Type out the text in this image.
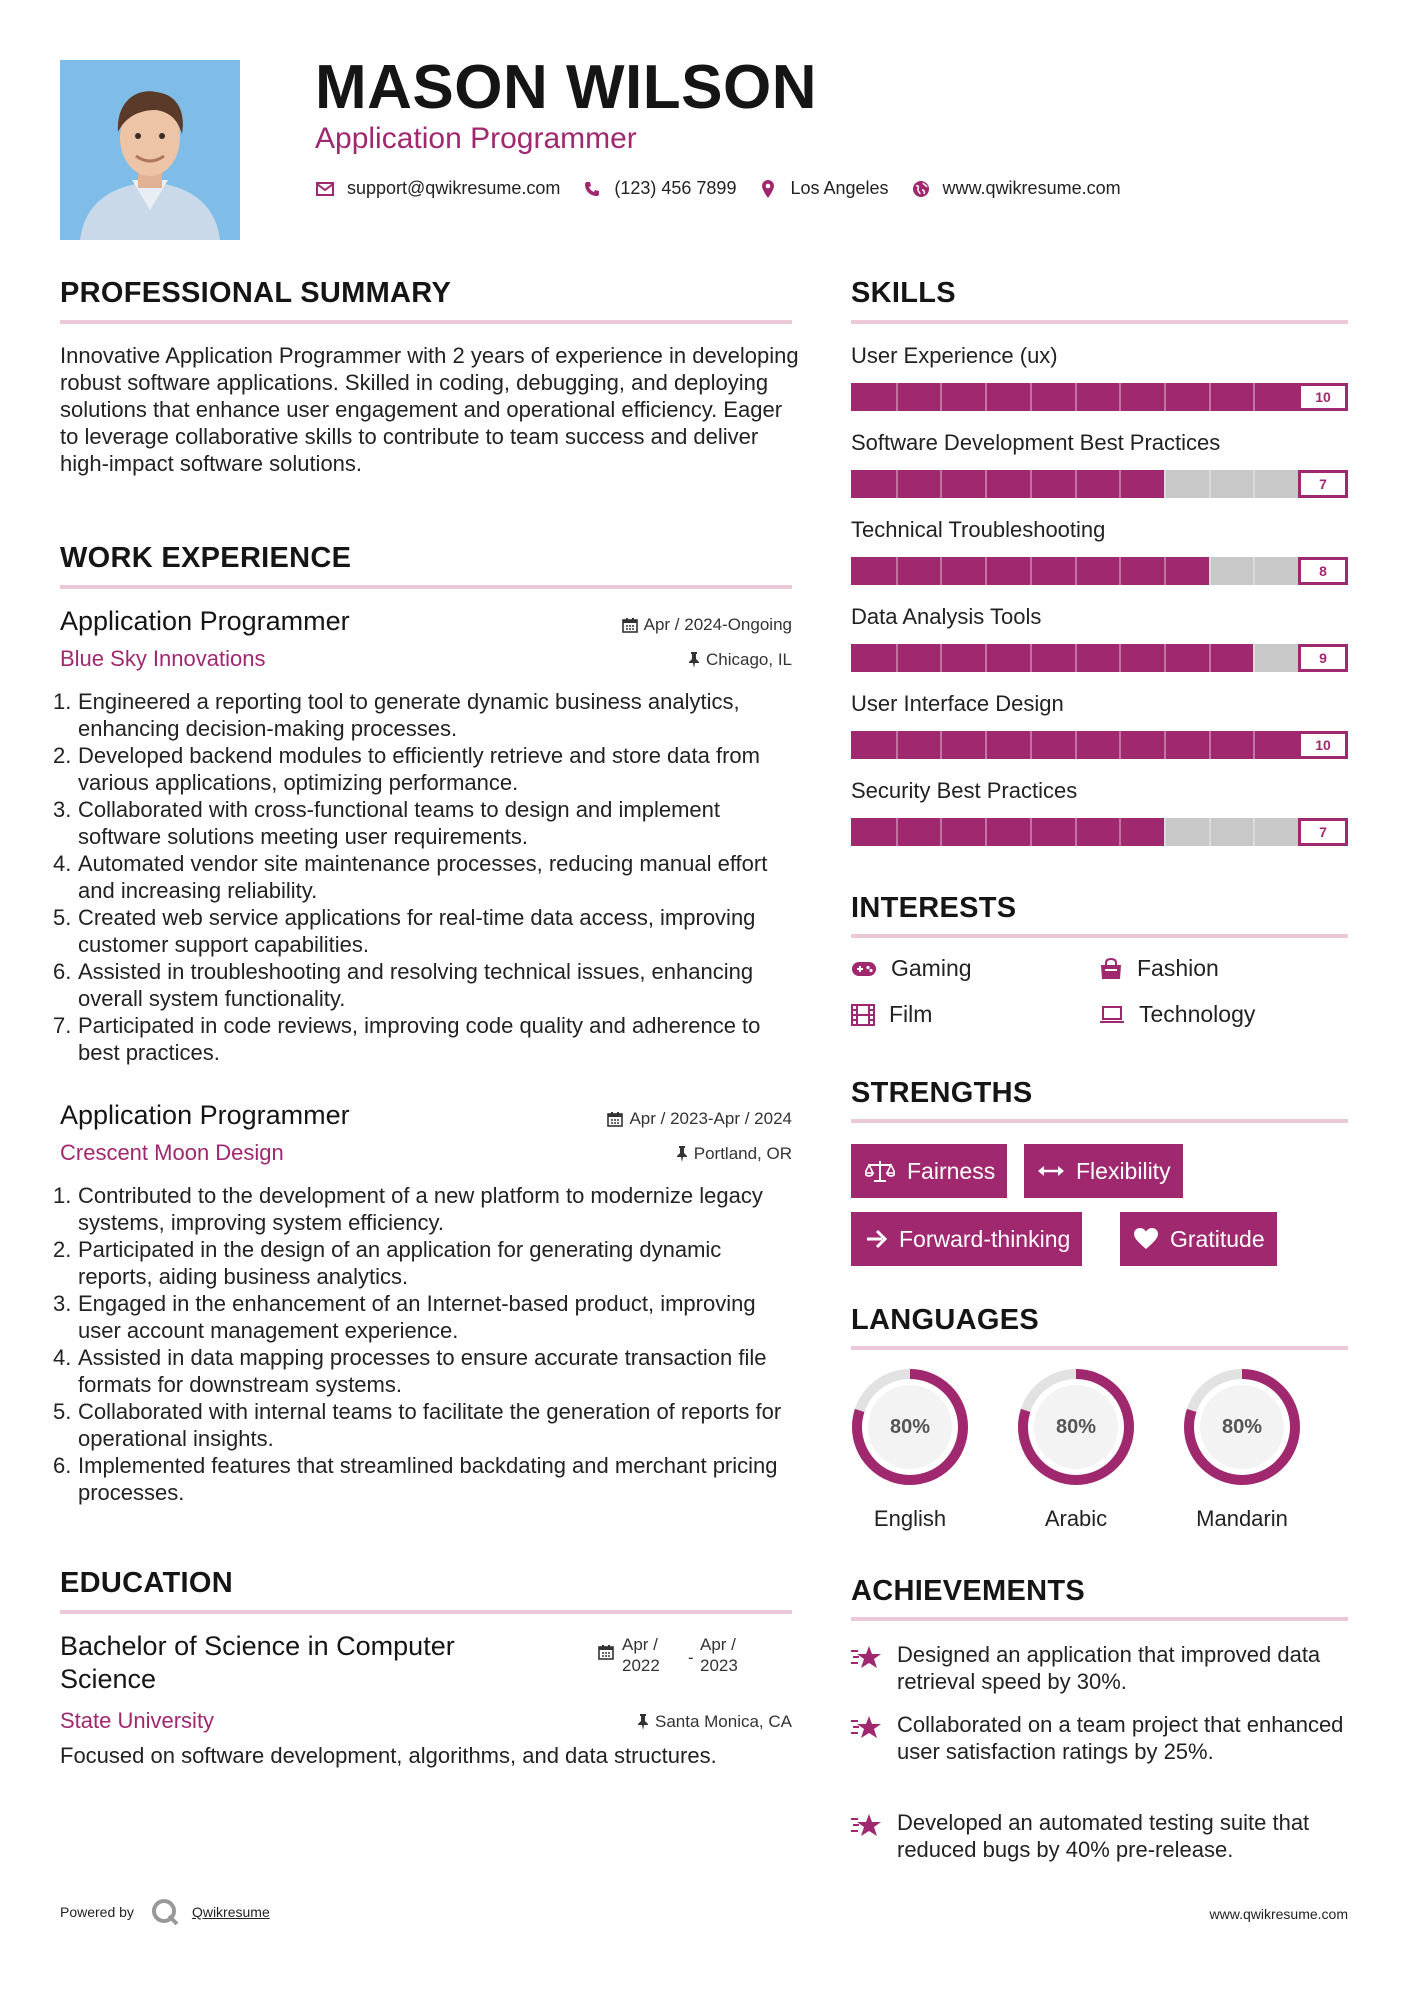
MASON WILSON
Application Programmer
support@qwikresume.com	(123) 456 7899	Los Angeles	www.qwikresume.com
PROFESSIONAL SUMMARY
Innovative Application Programmer with 2 years of experience in developing robust software applications. Skilled in coding, debugging, and deploying solutions that enhance user engagement and operational efficiency. Eager to leverage collaborative skills to contribute to team success and deliver high-impact software solutions.
WORK EXPERIENCE
Application Programmer	Apr / 2024-Ongoing
Blue Sky Innovations	Chicago, IL
1. Engineered a reporting tool to generate dynamic business analytics, enhancing decision-making processes.
2. Developed backend modules to efficiently retrieve and store data from various applications, optimizing performance.
3. Collaborated with cross-functional teams to design and implement software solutions meeting user requirements.
4. Automated vendor site maintenance processes, reducing manual effort and increasing reliability.
5. Created web service applications for real-time data access, improving customer support capabilities.
6. Assisted in troubleshooting and resolving technical issues, enhancing overall system functionality.
7. Participated in code reviews, improving code quality and adherence to best practices.
Application Programmer	Apr / 2023-Apr / 2024
Crescent Moon Design	Portland, OR
1. Contributed to the development of a new platform to modernize legacy systems, improving system efficiency.
2. Participated in the design of an application for generating dynamic reports, aiding business analytics.
3. Engaged in the enhancement of an Internet-based product, improving user account management experience.
4. Assisted in data mapping processes to ensure accurate transaction file formats for downstream systems.
5. Collaborated with internal teams to facilitate the generation of reports for operational insights.
6. Implemented features that streamlined backdating and merchant pricing processes.
EDUCATION
Bachelor of Science in Computer Science
Apr / 2022	-
Apr / 2023
State University	Santa Monica, CA
Focused on software development, algorithms, and data structures.
SKILLS
User Experience (ux)
10
Software Development Best Practices
7
Technical Troubleshooting
8
Data Analysis Tools
9
User Interface Design
10
Security Best Practices
7
INTERESTS
Gaming	Fashion
Film	Technology
STRENGTHS
Fairness	Flexibility
Forward-thinking	Gratitude
LANGUAGES
80%
English
80%
Arabic
80%
Mandarin
ACHIEVEMENTS
Designed an application that improved data retrieval speed by 30%.
Collaborated on a team project that enhanced user satisfaction ratings by 25%.
Developed an automated testing suite that reduced bugs by 40% pre-release.
Powered by	Qwikresume	www.qwikresume.com
